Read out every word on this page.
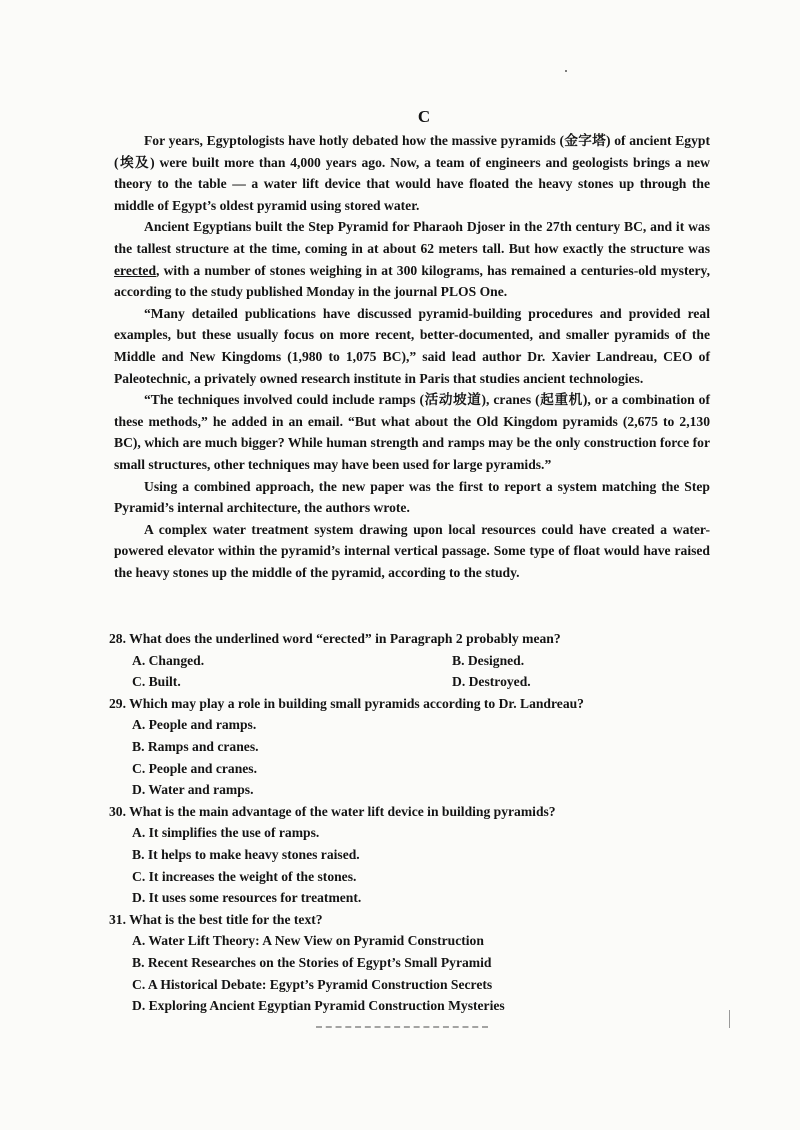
C

For years, Egyptologists have hotly debated how the massive pyramids (金字塔) of ancient Egypt (埃及) were built more than 4,000 years ago. Now, a team of engineers and geologists brings a new theory to the table — a water lift device that would have floated the heavy stones up through the middle of Egypt’s oldest pyramid using stored water.

Ancient Egyptians built the Step Pyramid for Pharaoh Djoser in the 27th century BC, and it was the tallest structure at the time, coming in at about 62 meters tall. But how exactly the structure was erected, with a number of stones weighing in at 300 kilograms, has remained a centuries-old mystery, according to the study published Monday in the journal PLOS One.

“Many detailed publications have discussed pyramid-building procedures and provided real examples, but these usually focus on more recent, better-documented, and smaller pyramids of the Middle and New Kingdoms (1,980 to 1,075 BC),” said lead author Dr. Xavier Landreau, CEO of Paleotechnic, a privately owned research institute in Paris that studies ancient technologies.

“The techniques involved could include ramps (活动坡道), cranes (起重机), or a combination of these methods,” he added in an email. “But what about the Old Kingdom pyramids (2,675 to 2,130 BC), which are much bigger? While human strength and ramps may be the only construction force for small structures, other techniques may have been used for large pyramids.”

Using a combined approach, the new paper was the first to report a system matching the Step Pyramid’s internal architecture, the authors wrote.

A complex water treatment system drawing upon local resources could have created a water-powered elevator within the pyramid’s internal vertical passage. Some type of float would have raised the heavy stones up the middle of the pyramid, according to the study.

28. What does the underlined word “erected” in Paragraph 2 probably mean?
A. Changed.	B. Designed.
C. Built.	D. Destroyed.
29. Which may play a role in building small pyramids according to Dr. Landreau?
A. People and ramps.
B. Ramps and cranes.
C. People and cranes.
D. Water and ramps.
30. What is the main advantage of the water lift device in building pyramids?
A. It simplifies the use of ramps.
B. It helps to make heavy stones raised.
C. It increases the weight of the stones.
D. It uses some resources for treatment.
31. What is the best title for the text?
A. Water Lift Theory: A New View on Pyramid Construction
B. Recent Researches on the Stories of Egypt’s Small Pyramid
C. A Historical Debate: Egypt’s Pyramid Construction Secrets
D. Exploring Ancient Egyptian Pyramid Construction Mysteries
